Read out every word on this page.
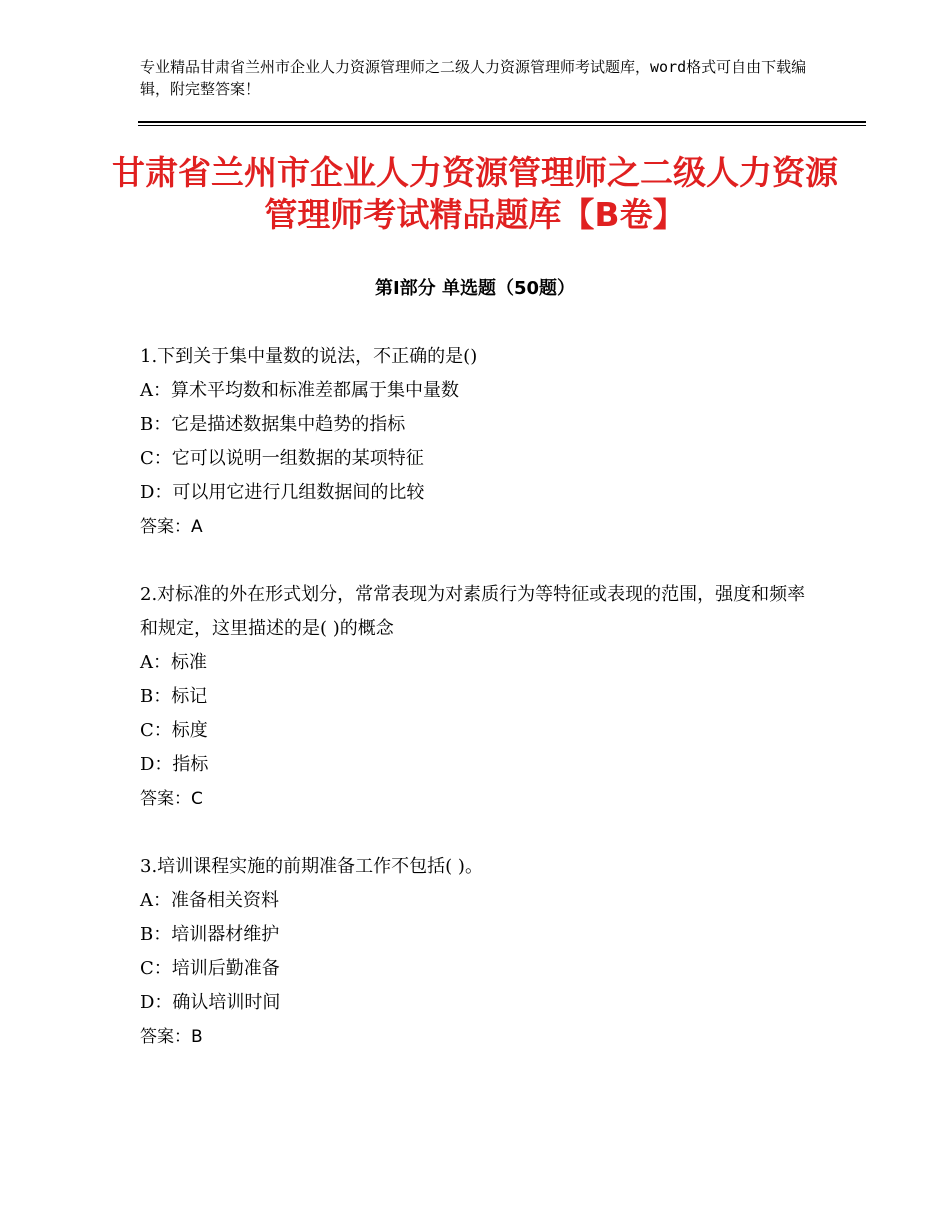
专业精品甘肃省兰州市企业人力资源管理师之二级人力资源管理师考试题库，word格式可自由下载编辑，附完整答案！
甘肃省兰州市企业人力资源管理师之二级人力资源管理师考试精品题库【B卷】
第Ⅰ部分 单选题（50题）
1.下到关于集中量数的说法，不正确的是()
A：算术平均数和标准差都属于集中量数
B：它是描述数据集中趋势的指标
C：它可以说明一组数据的某项特征
D：可以用它进行几组数据间的比较
答案：A
2.对标准的外在形式划分，常常表现为对素质行为等特征或表现的范围，强度和频率和规定，这里描述的是( )的概念
A：标准
B：标记
C：标度
D：指标
答案：C
3.培训课程实施的前期准备工作不包括( )。
A：准备相关资料
B：培训器材维护
C：培训后勤准备
D：确认培训时间
答案：B
